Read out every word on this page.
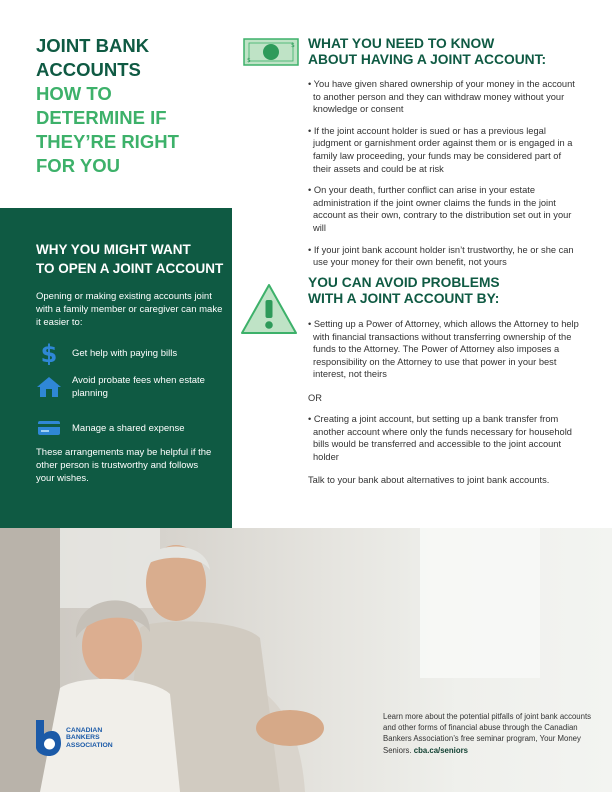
JOINT BANK
ACCOUNTS
HOW TO
DETERMINE IF
THEY’RE RIGHT
FOR YOU
WHY YOU MIGHT WANT
TO OPEN A JOINT ACCOUNT

Opening or making existing accounts joint with a family member or caregiver can make it easier to:

$ Get help with paying bills
Avoid probate fees when estate planning
Manage a shared expense

These arrangements may be helpful if the other person is trustworthy and follows your wishes.

$
$
WHAT YOU NEED TO KNOW
ABOUT HAVING A JOINT ACCOUNT:
• You have given shared ownership of your money in the account to another person and they can withdraw money without your knowledge or consent
• If the joint account holder is sued or has a previous legal judgment or garnishment order against them or is engaged in a family law proceeding, your funds may be considered part of their assets and could be at risk
• On your death, further conflict can arise in your estate administration if the joint owner claims the funds in the joint account as their own, contrary to the distribution set out in your will
• If your joint bank account holder isn’t trustworthy, he or she can use your money for their own benefit, not yours
YOU CAN AVOID PROBLEMS
WITH A JOINT ACCOUNT BY:
• Setting up a Power of Attorney, which allows the Attorney to help with financial transactions without transferring ownership of the funds to the Attorney. The Power of Attorney also imposes a responsibility on the Attorney to use that power in your best interest, not theirs

OR

• Creating a joint account, but setting up a bank transfer from another account where only the funds necessary for household bills would be transferred and accessible to the joint account holder

Talk to your bank about alternatives to joint bank accounts.

CANADIAN
BANKERS
ASSOCIATION

Learn more about the potential pitfalls of joint bank accounts and other forms of financial abuse through the Canadian Bankers Association’s free seminar program, Your Money Seniors. cba.ca/seniors
